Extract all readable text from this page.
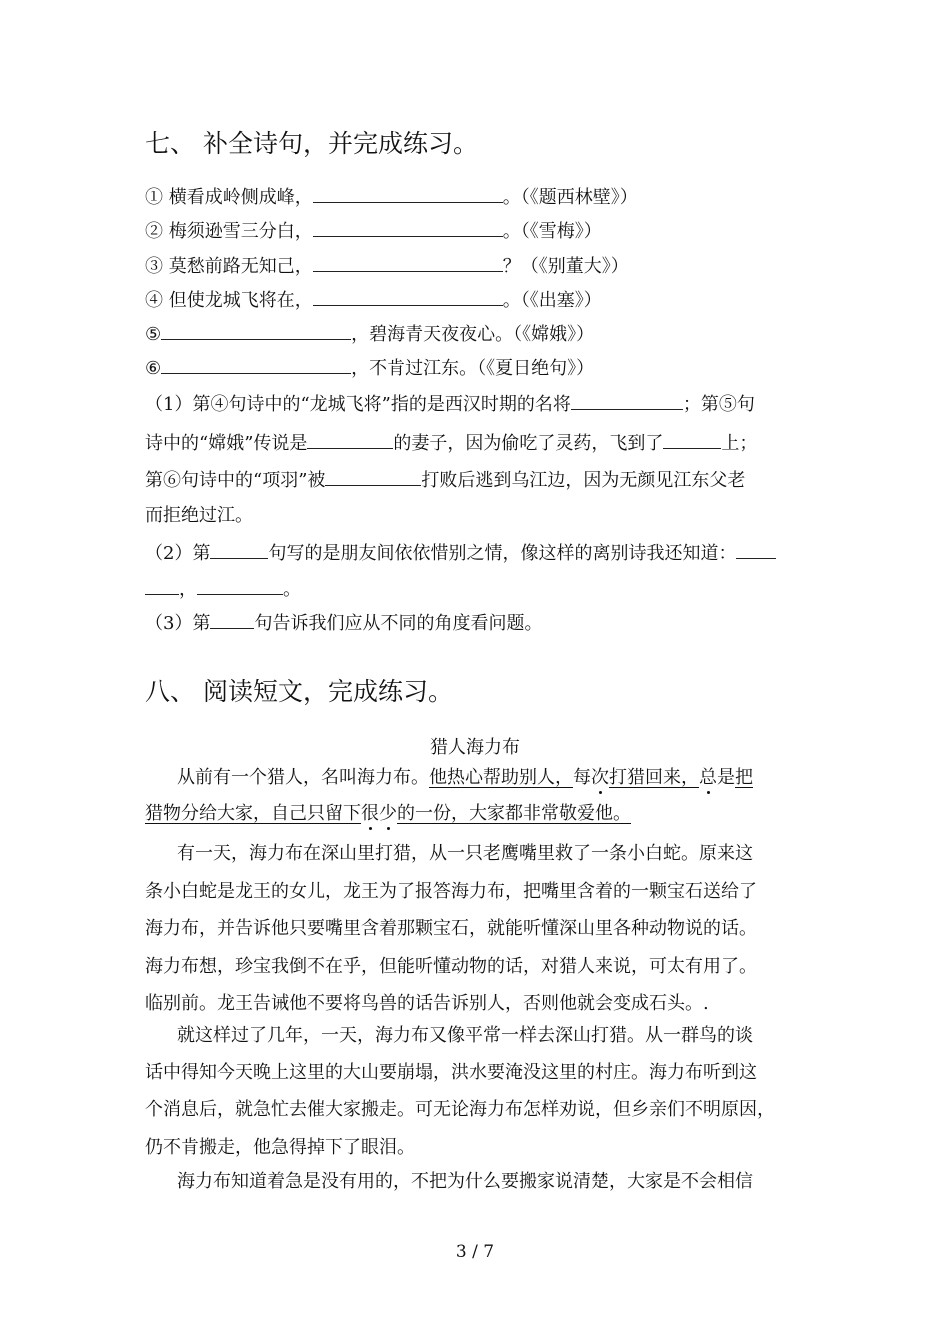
七、 补全诗句，并完成练习。
① 横看成岭侧成峰，	。（《题西林壁》）
② 梅须逊雪三分白，	。（《雪梅》）
③ 莫愁前路无知己，	？（《别董大》）
④ 但使龙城飞将在，	。（《出塞》）
⑤	，碧海青天夜夜心。（《嫦娥》）
⑥	，不肯过江东。（《夏日绝句》）
（1）第④句诗中的“龙城飞将”指的是西汉时期的名将	；第⑤句
诗中的“嫦娥”传说是	的妻子，因为偷吃了灵药，飞到了	上；
第⑥句诗中的“项羽”被	打败后逃到乌江边，因为无颜见江东父老
而拒绝过江。
（2）第	句写的是朋友间依依惜别之情，像这样的离别诗我还知道：
，	。
（3）第 句告诉我们应从不同的角度看问题。
八、 阅读短文，完成练习。
猎人海力布
从前有一个猎人，名叫海力布。他热心帮助别人，每次打猎回来，总是把
猎物分给大家，自己只留下很少的一份，大家都非常敬爱他。
有一天，海力布在深山里打猎，从一只老鹰嘴里救了一条小白蛇。原来这
条小白蛇是龙王的女儿，龙王为了报答海力布，把嘴里含着的一颗宝石送给了
海力布，并告诉他只要嘴里含着那颗宝石，就能听懂深山里各种动物说的话。
海力布想，珍宝我倒不在乎，但能听懂动物的话，对猎人来说，可太有用了。
临别前。龙王告诫他不要将鸟兽的话告诉别人，否则他就会变成石头。.
就这样过了几年，一天，海力布又像平常一样去深山打猎。从一群鸟的谈
话中得知今天晚上这里的大山要崩塌，洪水要淹没这里的村庄。海力布听到这
个消息后，就急忙去催大家搬走。可无论海力布怎样劝说，但乡亲们不明原因，
仍不肯搬走，他急得掉下了眼泪。
海力布知道着急是没有用的，不把为什么要搬家说清楚，大家是不会相信
3 / 7
